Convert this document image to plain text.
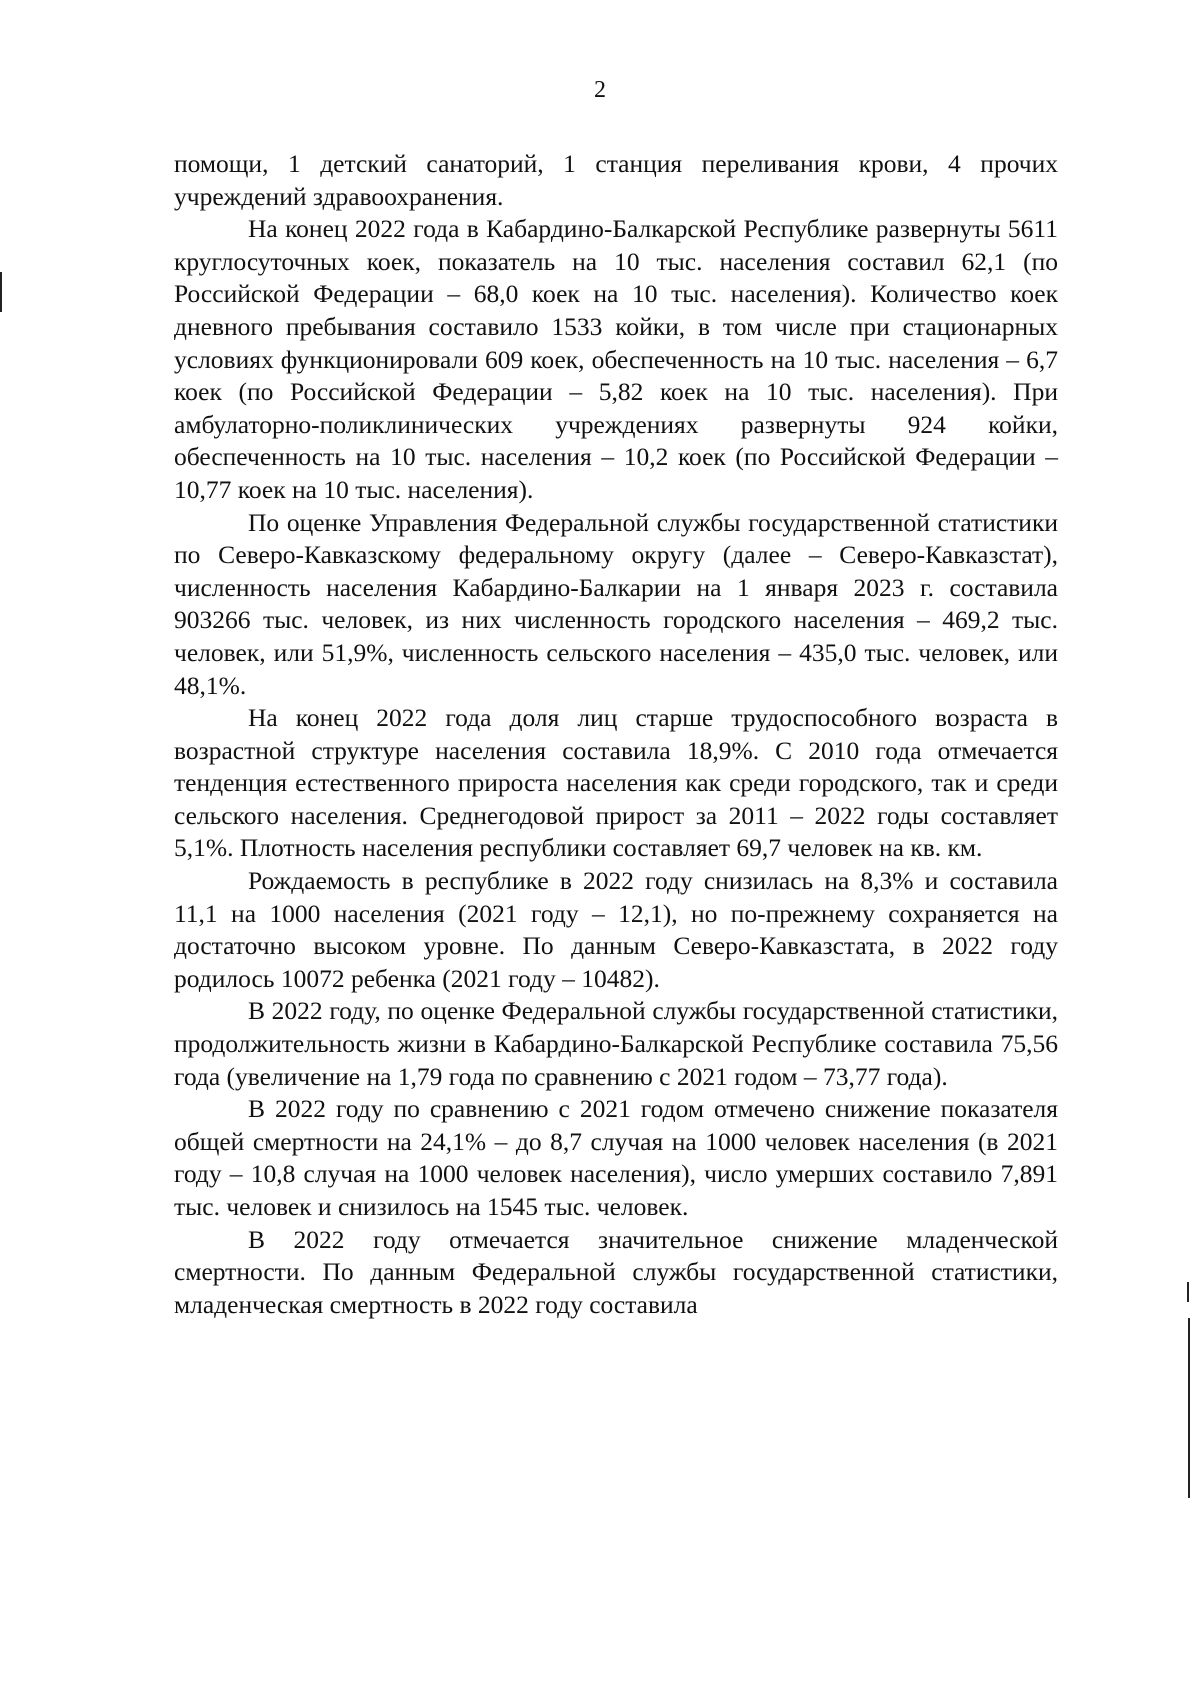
2

помощи, 1 детский санаторий, 1 станция переливания крови, 4 прочих учреждений здравоохранения.

На конец 2022 года в Кабардино-Балкарской Республике развернуты 5611 круглосуточных коек, показатель на 10 тыс. населения составил 62,1 (по Российской Федерации – 68,0 коек на 10 тыс. населения). Количество коек дневного пребывания составило 1533 койки, в том числе при стационарных условиях функционировали 609 коек, обеспеченность на 10 тыс. населения – 6,7 коек (по Российской Федерации – 5,82 коек на 10 тыс. населения). При амбулаторно-поликлинических учреждениях развернуты 924 койки, обеспеченность на 10 тыс. населения – 10,2 коек (по Российской Федерации – 10,77 коек на 10 тыс. населения).

По оценке Управления Федеральной службы государственной статистики по Северо-Кавказскому федеральному округу (далее – Северо-Кавказстат), численность населения Кабардино-Балкарии на 1 января 2023 г. составила 903266 тыс. человек, из них численность городского населения – 469,2 тыс. человек, или 51,9%, численность сельского населения – 435,0 тыс. человек, или 48,1%.

На конец 2022 года доля лиц старше трудоспособного возраста в возрастной структуре населения составила 18,9%. С 2010 года отмечается тенденция естественного прироста населения как среди городского, так и среди сельского населения. Среднегодовой прирост за 2011 – 2022 годы составляет 5,1%. Плотность населения республики составляет 69,7 человек на кв. км.

Рождаемость в республике в 2022 году снизилась на 8,3% и составила 11,1 на 1000 населения (2021 году – 12,1), но по-прежнему сохраняется на достаточно высоком уровне. По данным Северо-Кавказстата, в 2022 году родилось 10072 ребенка (2021 году – 10482).

В 2022 году, по оценке Федеральной службы государственной статистики, продолжительность жизни в Кабардино-Балкарской Республике составила 75,56 года (увеличение на 1,79 года по сравнению с 2021 годом – 73,77 года).

В 2022 году по сравнению с 2021 годом отмечено снижение показателя общей смертности на 24,1% – до 8,7 случая на 1000 человек населения (в 2021 году – 10,8 случая на 1000 человек населения), число умерших составило 7,891 тыс. человек и снизилось на 1545 тыс. человек.

В 2022 году отмечается значительное снижение младенческой смертности. По данным Федеральной службы государственной статистики, младенческая смертность в 2022 году составила
